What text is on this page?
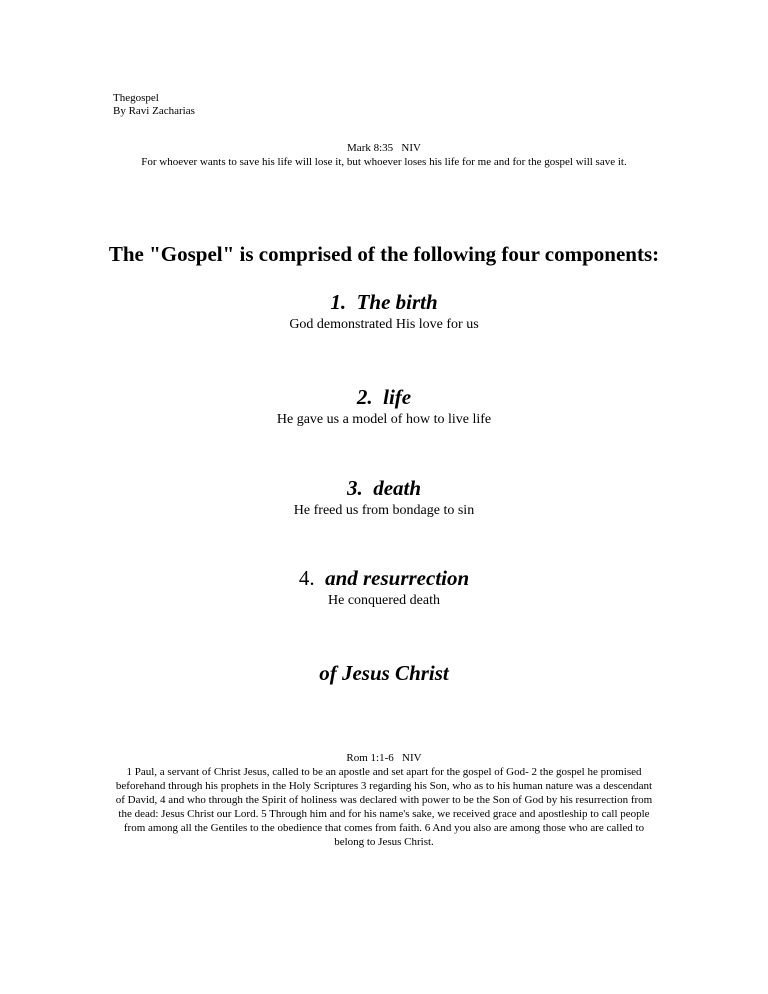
Thegospel
By Ravi Zacharias
Mark 8:35   NIV
For whoever wants to save his life will lose it, but whoever loses his life for me and for the gospel will save it.
The "Gospel" is comprised of the following four components:
1. The birth
God demonstrated His love for us
2. life
He gave us a model of how to live life
3. death
He freed us from bondage to sin
4. and resurrection
He conquered death
of Jesus Christ
Rom 1:1-6   NIV
1 Paul, a servant of Christ Jesus, called to be an apostle and set apart for the gospel of God- 2 the gospel he promised beforehand through his prophets in the Holy Scriptures 3 regarding his Son, who as to his human nature was a descendant of David, 4 and who through the Spirit of holiness was declared with power to be the Son of God by his resurrection from the dead: Jesus Christ our Lord. 5 Through him and for his name's sake, we received grace and apostleship to call people from among all the Gentiles to the obedience that comes from faith. 6 And you also are among those who are called to belong to Jesus Christ.
